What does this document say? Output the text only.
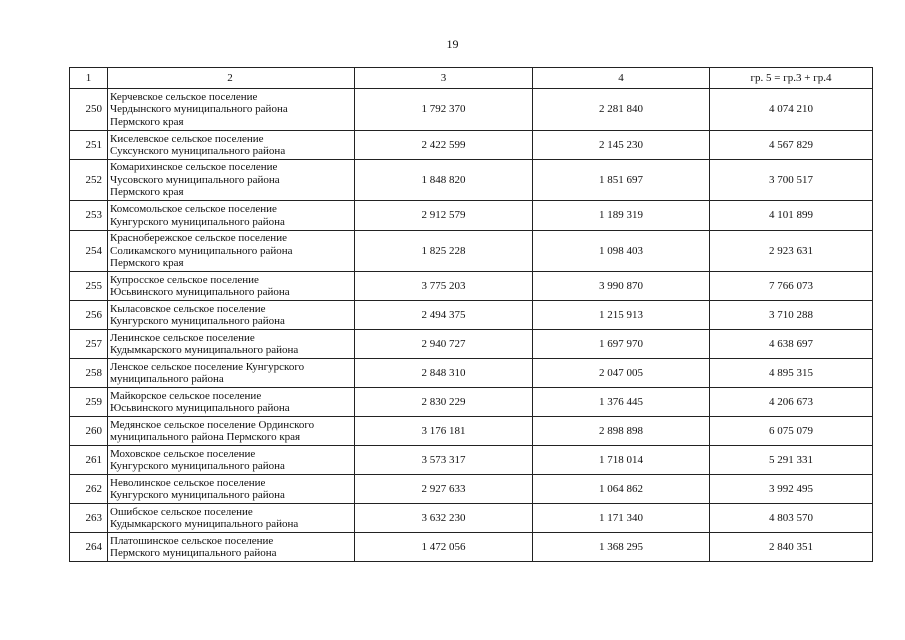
19
1	2	3	4	гр. 5 = гр.3 + гр.4
250	Керчевское сельское поселение
Чердынского муниципального района
Пермского края	1 792 370	2 281 840	4 074 210
251	Киселевское сельское поселение
Суксунского муниципального района	2 422 599	2 145 230	4 567 829
252	Комарихинское сельское поселение
Чусовского муниципального района
Пермского края	1 848 820	1 851 697	3 700 517
253	Комсомольское сельское поселение
Кунгурского муниципального района	2 912 579	1 189 319	4 101 899
254	Краснобережское сельское поселение
Соликамского муниципального района
Пермского края	1 825 228	1 098 403	2 923 631
255	Купросское сельское поселение
Юсьвинского муниципального района	3 775 203	3 990 870	7 766 073
256	Кыласовское сельское поселение
Кунгурского муниципального района	2 494 375	1 215 913	3 710 288
257	Ленинское сельское поселение
Кудымкарского муниципального района	2 940 727	1 697 970	4 638 697
258	Ленское сельское поселение Кунгурского
муниципального района	2 848 310	2 047 005	4 895 315
259	Майкорское сельское поселение
Юсьвинского муниципального района	2 830 229	1 376 445	4 206 673
260	Медянское сельское поселение Ординского
муниципального района Пермского края	3 176 181	2 898 898	6 075 079
261	Моховское сельское поселение
Кунгурского муниципального района	3 573 317	1 718 014	5 291 331
262	Неволинское сельское поселение
Кунгурского муниципального района	2 927 633	1 064 862	3 992 495
263	Ошибское сельское поселение
Кудымкарского муниципального района	3 632 230	1 171 340	4 803 570
264	Платошинское сельское поселение
Пермского муниципального района	1 472 056	1 368 295	2 840 351
